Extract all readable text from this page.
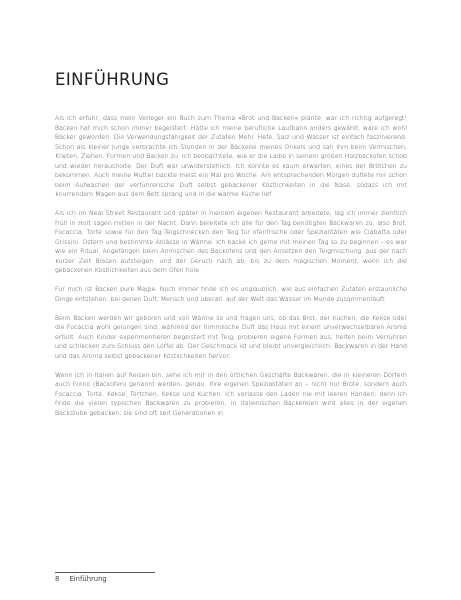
EINFÜHRUNG

Als ich erfuhr, dass mein Verleger ein Buch zum Thema »Brot und Backen« plante, war ich richtig aufgeregt! Backen hat mich schon immer begeistert. Hätte ich meine berufliche Laufbahn anders gewählt, wäre ich wohl Bäcker geworden. Die Verwendungsfähigkeit der Zutaten Mehl, Hefe, Salz und Wasser ist einfach faszinierend. Schon als kleiner Junge verbrachte ich Stunden in der Bäckerei meines Onkels und sah ihm beim Vermischen, Kneten, Ziehen, Formen und Backen zu. Ich beobachtete, wie er die Laibe in seinem großen Holzbackofen schob und wieder herausholte. Der Duft war unwiderstehlich. Ich konnte es kaum erwarten, eines der Brötchen zu bekommen. Auch meine Mutter backte meist ein Mal pro Woche. Am entsprechenden Morgen duftete mir schon beim Aufwachen der verführerische Duft selbst gebackener Köstlichkeiten in die Nase, sodass ich mit knurrendem Magen aus dem Bett sprang und in die warme Küche lief.

Als ich im Neal Street Restaurant und später in meinem eigenen Restaurant arbeitete, lag ich immer zientlich früh in Holt sagen mitten in der Nacht. Dann bereitete ich alle für den Tag benötigten Backwaren zu: also Brot, Focaccia, Torte sowie für den Tag Teigschnecken den Teig für ofenfrische oder Spezialitäten wie Ciabatta oder Grissini. Ostern und bestimmte Anlässe in Wärme. Ich backe ich gerne mit meinen Tag so zu beginnen – es war wie ein Ritual. Angefangen beim Anmischen des Backofens und den Ansetzen den Teigmischung, aus der nach kurzer Zeit Blasen aufsteigen, und der Geruch nach ab, bis zu dem magischen Moment, wenn ich die gebackenen Köstlichkeiten aus dem Ofen hole.

Für mich ist Backen pure Magie. Noch immer finde ich es unglaublich, wie aus einfachen Zutaten erstaunliche Dinge entstehen, bei denen Duft, Mensch und überall, auf der Welt das Wasser im Munde zusammenläuft.

Beim Backen werden wir geboren und voll Wärme so und fragen uns, ob das Brot, der Kuchen, die Kekse oder die Focaccia wohl gelungen sind, während der himmlische Duft das Haus mit einem unverwechselbaren Aroma erfüllt. Auch Kinder experimentieren begeistert mit Teig, probieren eigene Formen aus, helfen beim Verrühren und schlecken zum Schluss den Löffel ab. Der Geschmack ist und bleibt unvergleichlich: Backwaren in der Hand und das Aroma selbst gebackener Köstlichkeiten hervor.

Wenn ich in Italien auf Reisen bin, sehe ich mir in den örtlichen Geschäfte Backwaren, die in kleineren Dörfern auch Forno (Backofen) genannt werden, genau. Ihre eigenen Spezialitäten an – nicht nur Brote, sondern auch Focaccia, Torte, Kekse, Törtchen, Kekse und Kuchen. Ich verlasse den Laden nie mit leeren Händen; denn ich finde die vielen typischen Backwaren zu probieren, in italienischen Bäckereien wird alles in der eigenen Backstube gebacken; sie sind oft seit Generationen in

8 Einführung
